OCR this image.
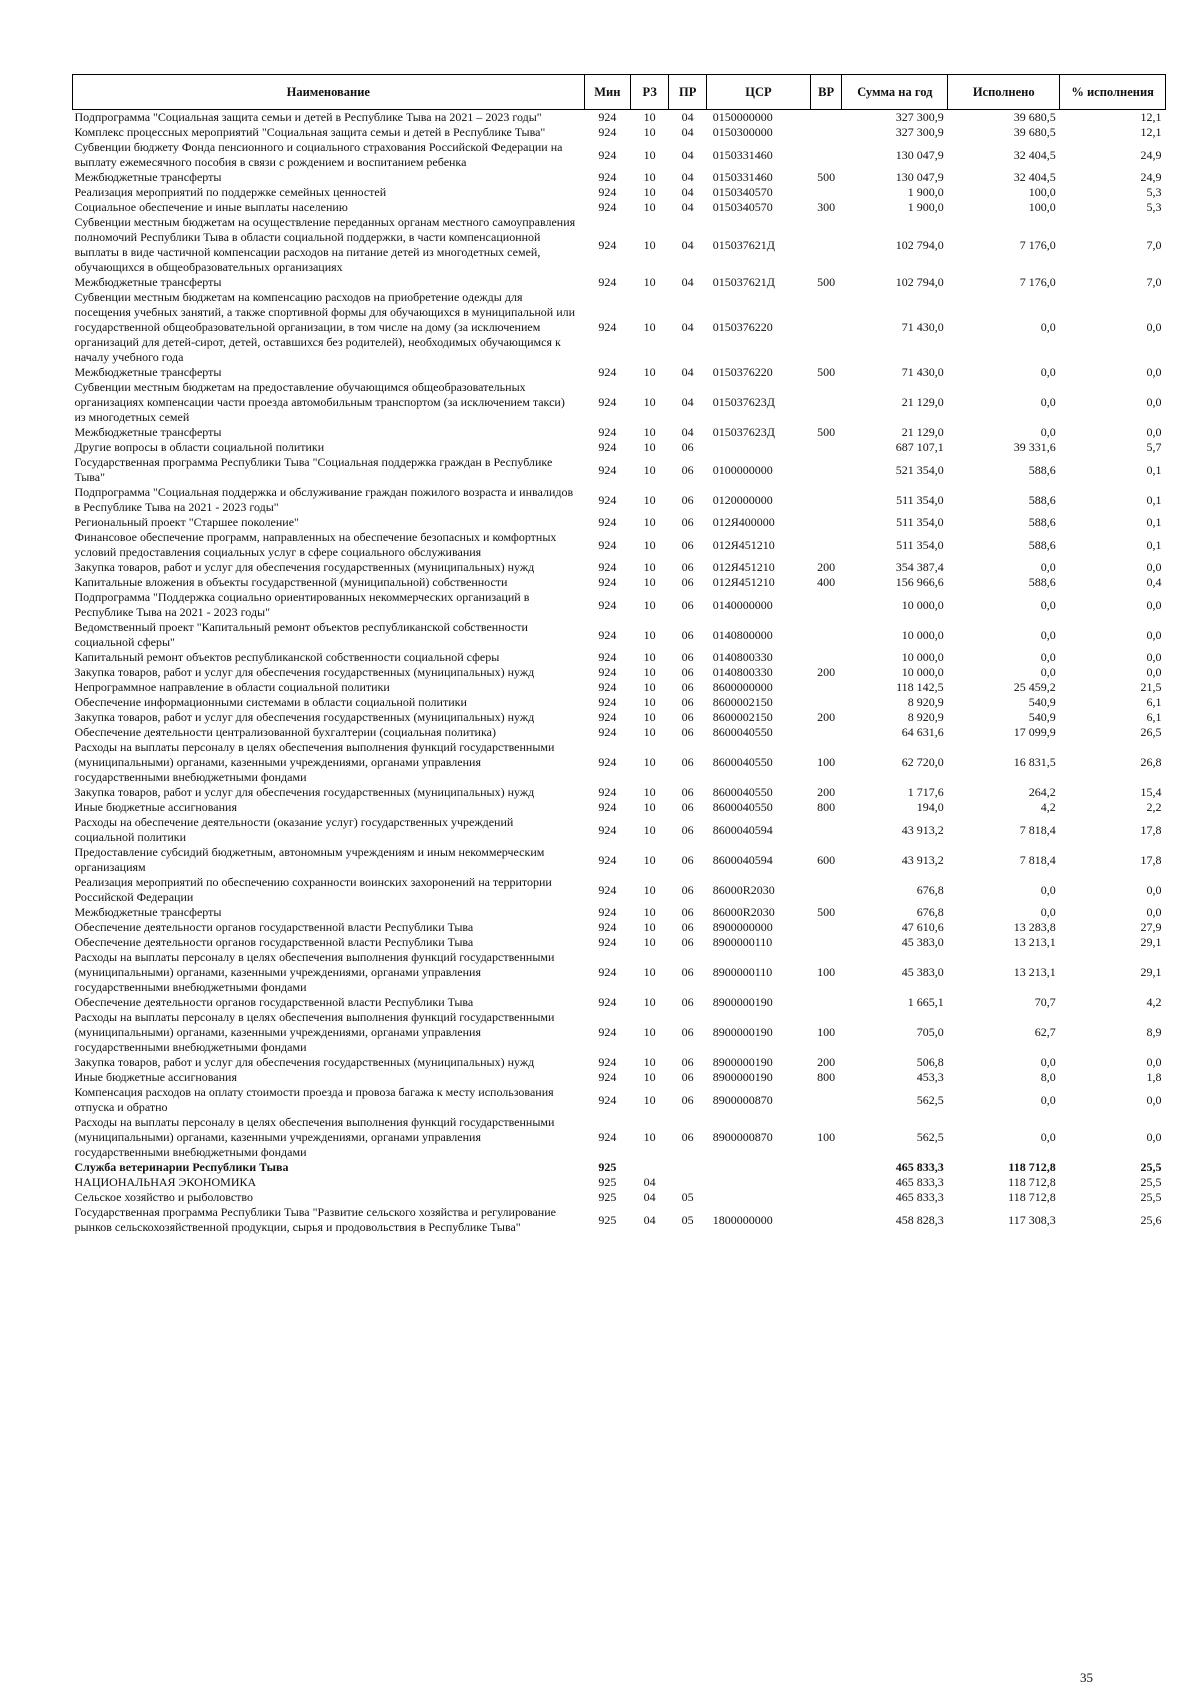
Наименование	Мин	РЗ	ПР	ЦСР	ВР	Сумма на год	Исполнено	% исполнения
Подпрограмма "Социальная защита семьи и детей в Республике Тыва на 2021 – 2023 годы"	924	10	04	0150000000		327 300,9	39 680,5	12,1
Комплекс процессных мероприятий "Социальная защита семьи и детей в Республике Тыва"	924	10	04	0150300000		327 300,9	39 680,5	12,1
Субвенции бюджету Фонда пенсионного и социального страхования Российской Федерации на выплату ежемесячного пособия в связи с рождением и воспитанием ребенка	924	10	04	0150331460		130 047,9	32 404,5	24,9
Межбюджетные трансферты	924	10	04	0150331460	500	130 047,9	32 404,5	24,9
Реализация мероприятий по поддержке семейных ценностей	924	10	04	0150340570		1 900,0	100,0	5,3
Социальное обеспечение и иные выплаты населению	924	10	04	0150340570	300	1 900,0	100,0	5,3
Субвенции местным бюджетам на осуществление переданных органам местного самоуправления полномочий Республики Тыва в области социальной поддержки, в части компенсационной выплаты в виде частичной компенсации расходов на питание детей из многодетных семей, обучающихся в общеобразовательных организациях	924	10	04	015037621Д		102 794,0	7 176,0	7,0
Межбюджетные трансферты	924	10	04	015037621Д	500	102 794,0	7 176,0	7,0
Субвенции местным бюджетам на компенсацию расходов на приобретение одежды для посещения учебных занятий, а также спортивной формы для обучающихся в муниципальной или государственной общеобразовательной организации, в том числе на дому (за исключением организаций для детей-сирот, детей, оставшихся без родителей), необходимых обучающимся к началу учебного года	924	10	04	0150376220		71 430,0	0,0	0,0
Межбюджетные трансферты	924	10	04	0150376220	500	71 430,0	0,0	0,0
Субвенции местным бюджетам на предоставление обучающимся общеобразовательных организациях компенсации части проезда автомобильным транспортом (за исключением такси) из многодетных семей	924	10	04	015037623Д		21 129,0	0,0	0,0
Межбюджетные трансферты	924	10	04	015037623Д	500	21 129,0	0,0	0,0
Другие вопросы в области социальной политики	924	10	06			687 107,1	39 331,6	5,7
Государственная программа Республики Тыва "Социальная поддержка граждан в Республике Тыва"	924	10	06	0100000000		521 354,0	588,6	0,1
Подпрограмма "Социальная поддержка и обслуживание граждан пожилого возраста и инвалидов в Республике Тыва на 2021 - 2023 годы"	924	10	06	0120000000		511 354,0	588,6	0,1
Региональный проект "Старшее поколение"	924	10	06	012Я400000		511 354,0	588,6	0,1
Финансовое обеспечение программ, направленных на обеспечение безопасных и комфортных условий предоставления социальных услуг в сфере социального обслуживания	924	10	06	012Я451210		511 354,0	588,6	0,1
Закупка товаров, работ и услуг для обеспечения государственных (муниципальных) нужд	924	10	06	012Я451210	200	354 387,4	0,0	0,0
Капитальные вложения в объекты государственной (муниципальной) собственности	924	10	06	012Я451210	400	156 966,6	588,6	0,4
Подпрограмма "Поддержка социально ориентированных некоммерческих организаций в Республике Тыва на 2021 - 2023 годы"	924	10	06	0140000000		10 000,0	0,0	0,0
Ведомственный проект "Капитальный ремонт объектов республиканской собственности социальной сферы"	924	10	06	0140800000		10 000,0	0,0	0,0
Капитальный ремонт объектов республиканской собственности социальной сферы	924	10	06	0140800330		10 000,0	0,0	0,0
Закупка товаров, работ и услуг для обеспечения государственных (муниципальных) нужд	924	10	06	0140800330	200	10 000,0	0,0	0,0
Непрограммное направление в области социальной политики	924	10	06	8600000000		118 142,5	25 459,2	21,5
Обеспечение информационными системами в области социальной политики	924	10	06	8600002150		8 920,9	540,9	6,1
Закупка товаров, работ и услуг для обеспечения государственных (муниципальных) нужд	924	10	06	8600002150	200	8 920,9	540,9	6,1
Обеспечение деятельности централизованной бухгалтерии (социальная политика)	924	10	06	8600040550		64 631,6	17 099,9	26,5
Расходы на выплаты персоналу в целях обеспечения выполнения функций государственными (муниципальными) органами, казенными учреждениями, органами управления государственными внебюджетными фондами	924	10	06	8600040550	100	62 720,0	16 831,5	26,8
Закупка товаров, работ и услуг для обеспечения государственных (муниципальных) нужд	924	10	06	8600040550	200	1 717,6	264,2	15,4
Иные бюджетные ассигнования	924	10	06	8600040550	800	194,0	4,2	2,2
Расходы на обеспечение деятельности (оказание услуг) государственных учреждений социальной политики	924	10	06	8600040594		43 913,2	7 818,4	17,8
Предоставление субсидий бюджетным, автономным учреждениям и иным некоммерческим организациям	924	10	06	8600040594	600	43 913,2	7 818,4	17,8
Реализация мероприятий по обеспечению сохранности воинских захоронений на территории Российской Федерации	924	10	06	86000R2030		676,8	0,0	0,0
Межбюджетные трансферты	924	10	06	86000R2030	500	676,8	0,0	0,0
Обеспечение деятельности органов государственной власти Республики Тыва	924	10	06	8900000000		47 610,6	13 283,8	27,9
Обеспечение деятельности органов государственной власти Республики Тыва	924	10	06	8900000110		45 383,0	13 213,1	29,1
Расходы на выплаты персоналу в целях обеспечения выполнения функций государственными (муниципальными) органами, казенными учреждениями, органами управления государственными внебюджетными фондами	924	10	06	8900000110	100	45 383,0	13 213,1	29,1
Обеспечение деятельности органов государственной власти Республики Тыва	924	10	06	8900000190		1 665,1	70,7	4,2
Расходы на выплаты персоналу в целях обеспечения выполнения функций государственными (муниципальными) органами, казенными учреждениями, органами управления государственными внебюджетными фондами	924	10	06	8900000190	100	705,0	62,7	8,9
Закупка товаров, работ и услуг для обеспечения государственных (муниципальных) нужд	924	10	06	8900000190	200	506,8	0,0	0,0
Иные бюджетные ассигнования	924	10	06	8900000190	800	453,3	8,0	1,8
Компенсация расходов на оплату стоимости проезда и провоза багажа к месту использования отпуска и обратно	924	10	06	8900000870		562,5	0,0	0,0
Расходы на выплаты персоналу в целях обеспечения выполнения функций государственными (муниципальными) органами, казенными учреждениями, органами управления государственными внебюджетными фондами	924	10	06	8900000870	100	562,5	0,0	0,0
Служба ветеринарии Республики Тыва	925					465 833,3	118 712,8	25,5
НАЦИОНАЛЬНАЯ ЭКОНОМИКА	925	04				465 833,3	118 712,8	25,5
Сельское хозяйство и рыболовство	925	04	05			465 833,3	118 712,8	25,5
Государственная программа Республики Тыва "Развитие сельского хозяйства и регулирование рынков сельскохозяйственной продукции, сырья и продовольствия в Республике Тыва"	925	04	05	1800000000		458 828,3	117 308,3	25,6
35
